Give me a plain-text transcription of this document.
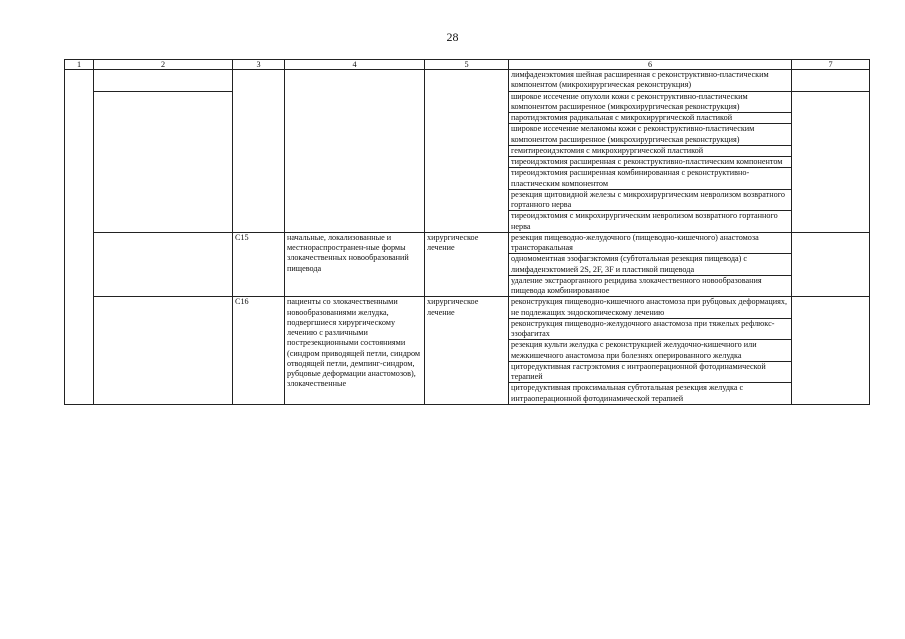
28
1	2	3	4	5	6	7
					лимфаденэктомия шейная расширенная с реконструктивно-пластическим компонентом (микрохирургическая реконструкция)	
					широкое иссечение опухоли кожи с реконструктивно-пластическим компонентом расширенное (микрохирургическая реконструкция)	
					паротидэктомия радикальная с микрохирургической пластикой	
					широкое иссечение меланомы кожи с реконструктивно-пластическим компонентом расширенное (микрохирургическая реконструкция)	
					гемитиреоидэктомия с микрохирургической пластикой	
					тиреоидэктомия расширенная с реконструктивно-пластическим компонентом	
					тиреоидэктомия расширенная комбинированная с реконструктивно-пластическим компонентом	
					резекция щитовидной железы с микрохирургическим невролизом возвратного гортанного нерва	
					тиреоидэктомия с микрохирургическим невролизом возвратного гортанного нерва	
		C15	начальные, локализованные и местнораспространен-ные формы злокачественных новообразований пищевода	хирургическое лечение	резекция пищеводно-желудочного (пищеводно-кишечного) анастомоза трансторакальная	
					одномоментная эзофагэктомия (субтотальная резекция пищевода) с лимфаденэктомией 2S, 2F, 3F и пластикой пищевода	
					удаление экстраорганного рецидива злокачественного новообразования пищевода комбинированное	
		C16	пациенты со злокачественными новообразованиями желудка, подвергшиеся хирургическому лечению с различными пострезекционными состояниями (синдром приводящей петли, синдром отводящей петли, демпинг-синдром, рубцовые деформации анастомозов), злокачественные	хирургическое лечение	реконструкция пищеводно-кишечного анастомоза при рубцовых деформациях, не подлежащих эндоскопическому лечению	
					реконструкция пищеводно-желудочного анастомоза при тяжелых рефлюкс-эзофагитах	
					резекция культи желудка с реконструкцией желудочно-кишечного или межкишечного анастомоза при болезнях оперированного желудка	
					циторедуктивная гастрэктомия с интраоперационной фотодинамической терапией	
					циторедуктивная проксимальная субтотальная резекция желудка с интраоперационной фотодинамической терапией	
